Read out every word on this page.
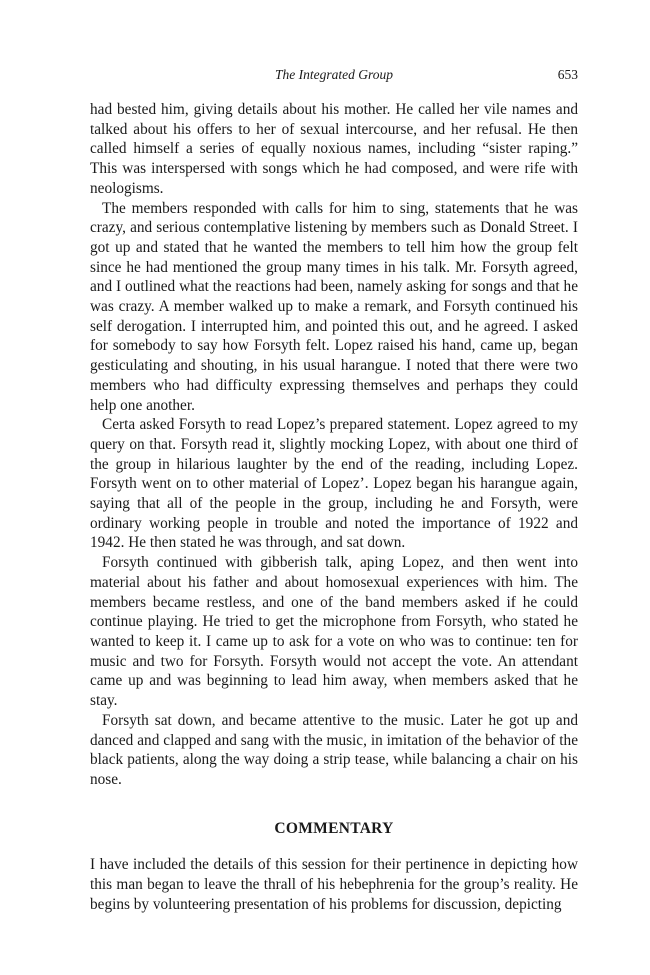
The Integrated Group	653

had bested him, giving details about his mother. He called her vile names and talked about his offers to her of sexual intercourse, and her refusal. He then called himself a series of equally noxious names, including “sister raping.” This was interspersed with songs which he had composed, and were rife with neologisms.

The members responded with calls for him to sing, statements that he was crazy, and serious contemplative listening by members such as Donald Street. I got up and stated that he wanted the members to tell him how the group felt since he had mentioned the group many times in his talk. Mr. Forsyth agreed, and I outlined what the reactions had been, namely asking for songs and that he was crazy. A member walked up to make a remark, and Forsyth continued his self derogation. I interrupted him, and pointed this out, and he agreed. I asked for somebody to say how Forsyth felt. Lopez raised his hand, came up, began gesticulating and shouting, in his usual harangue. I noted that there were two members who had difficulty expressing themselves and perhaps they could help one another.

Certa asked Forsyth to read Lopez’s prepared statement. Lopez agreed to my query on that. Forsyth read it, slightly mocking Lopez, with about one third of the group in hilarious laughter by the end of the reading, including Lopez. Forsyth went on to other material of Lopez’. Lopez began his harangue again, saying that all of the people in the group, including he and Forsyth, were ordinary working people in trouble and noted the importance of 1922 and 1942. He then stated he was through, and sat down.

Forsyth continued with gibberish talk, aping Lopez, and then went into material about his father and about homosexual experiences with him. The members became restless, and one of the band members asked if he could continue playing. He tried to get the microphone from Forsyth, who stated he wanted to keep it. I came up to ask for a vote on who was to continue: ten for music and two for Forsyth. Forsyth would not accept the vote. An attendant came up and was beginning to lead him away, when members asked that he stay.

Forsyth sat down, and became attentive to the music. Later he got up and danced and clapped and sang with the music, in imitation of the behavior of the black patients, along the way doing a strip tease, while balancing a chair on his nose.

COMMENTARY

I have included the details of this session for their pertinence in depicting how this man began to leave the thrall of his hebephrenia for the group’s reality. He begins by volunteering presentation of his problems for discussion, depicting
